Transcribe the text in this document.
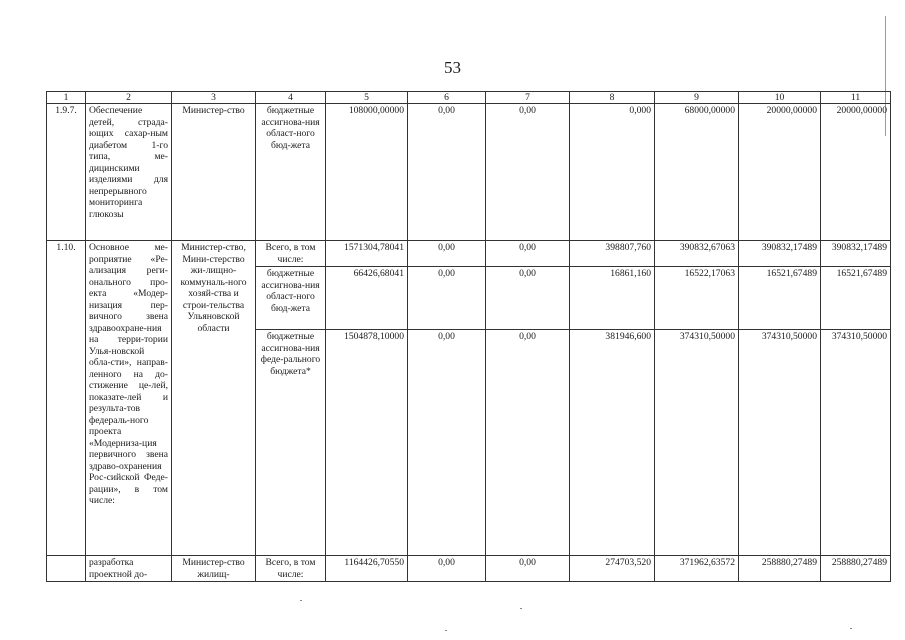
53
1	2	3	4	5	6	7	8	9	10	11
1.9.7.	Обеспечение детей, страда-ющих сахар-ным диабетом 1-го типа, ме-дицинскими изделиями для непрерывного мониторинга глюкозы	Министер-ство	бюджетные ассигнова-ния област-ного бюд-жета	108000,00000	0,00	0,00	0,000	68000,00000	20000,00000	20000,00000
1.10.	Основное ме-роприятие «Ре-ализация реги-онального про-екта «Модер-низация пер-вичного звена здравоохране-ния на терри-тории Улья-новской обла-сти», направ-ленного на до-стижение це-лей, показате-лей и результа-тов федераль-ного проекта «Модерниза-ция первичного звена здраво-охранения Рос-сийской Феде-рации», в том числе:	Министер-ство, Мини-стерство жи-лищно-коммуналь-ного хозяй-ства и строи-тельства Ульяновской области	Всего, в том числе:	1571304,78041	0,00	0,00	398807,760	390832,67063	390832,17489	390832,17489
			бюджетные ассигнова-ния област-ного бюд-жета	66426,68041	0,00	0,00	16861,160	16522,17063	16521,67489	16521,67489
			бюджетные ассигнова-ния феде-рального бюджета*	1504878,10000	0,00	0,00	381946,600	374310,50000	374310,50000	374310,50000
	разработка проектной до-	Министер-ство жилищ-	Всего, в том числе:	1164426,70550	0,00	0,00	274703,520	371962,63572	258880,27489	258880,27489
